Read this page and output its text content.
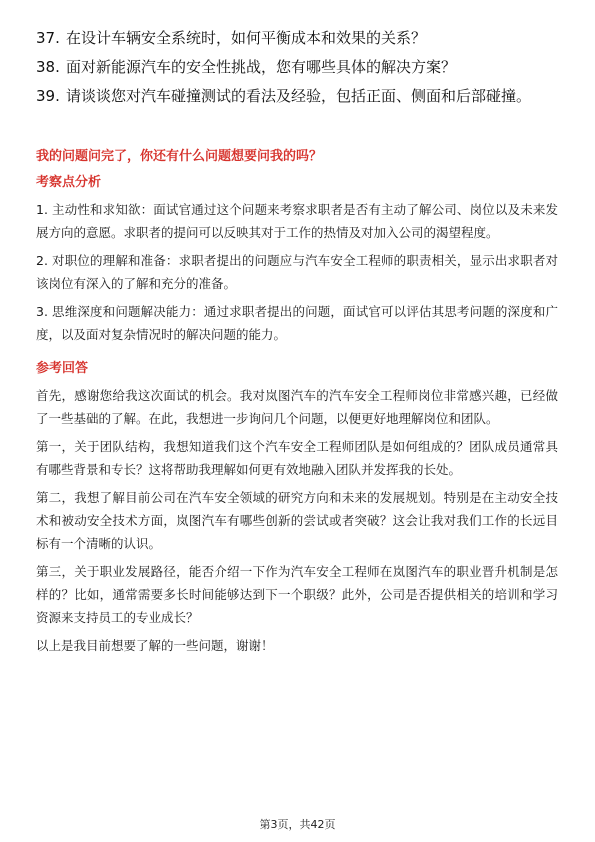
37. 在设计车辆安全系统时，如何平衡成本和效果的关系？
38. 面对新能源汽车的安全性挑战，您有哪些具体的解决方案？
39. 请谈谈您对汽车碰撞测试的看法及经验，包括正面、侧面和后部碰撞。
我的问题问完了，你还有什么问题想要问我的吗？
考察点分析

1. 主动性和求知欲：面试官通过这个问题来考察求职者是否有主动了解公司、岗位以及未来发展方向的意愿。求职者的提问可以反映其对于工作的热情及对加入公司的渴望程度。

2. 对职位的理解和准备：求职者提出的问题应与汽车安全工程师的职责相关，显示出求职者对该岗位有深入的了解和充分的准备。

3. 思维深度和问题解决能力：通过求职者提出的问题，面试官可以评估其思考问题的深度和广度，以及面对复杂情况时的解决问题的能力。

参考回答

首先，感谢您给我这次面试的机会。我对岚图汽车的汽车安全工程师岗位非常感兴趣，已经做了一些基础的了解。在此，我想进一步询问几个问题，以便更好地理解岗位和团队。

第一，关于团队结构，我想知道我们这个汽车安全工程师团队是如何组成的？团队成员通常具有哪些背景和专长？这将帮助我理解如何更有效地融入团队并发挥我的长处。

第二，我想了解目前公司在汽车安全领域的研究方向和未来的发展规划。特别是在主动安全技术和被动安全技术方面，岚图汽车有哪些创新的尝试或者突破？这会让我对我们工作的长远目标有一个清晰的认识。

第三，关于职业发展路径，能否介绍一下作为汽车安全工程师在岚图汽车的职业晋升机制是怎样的？比如，通常需要多长时间能够达到下一个职级？此外，公司是否提供相关的培训和学习资源来支持员工的专业成长？

以上是我目前想要了解的一些问题，谢谢！

第3页，共42页
